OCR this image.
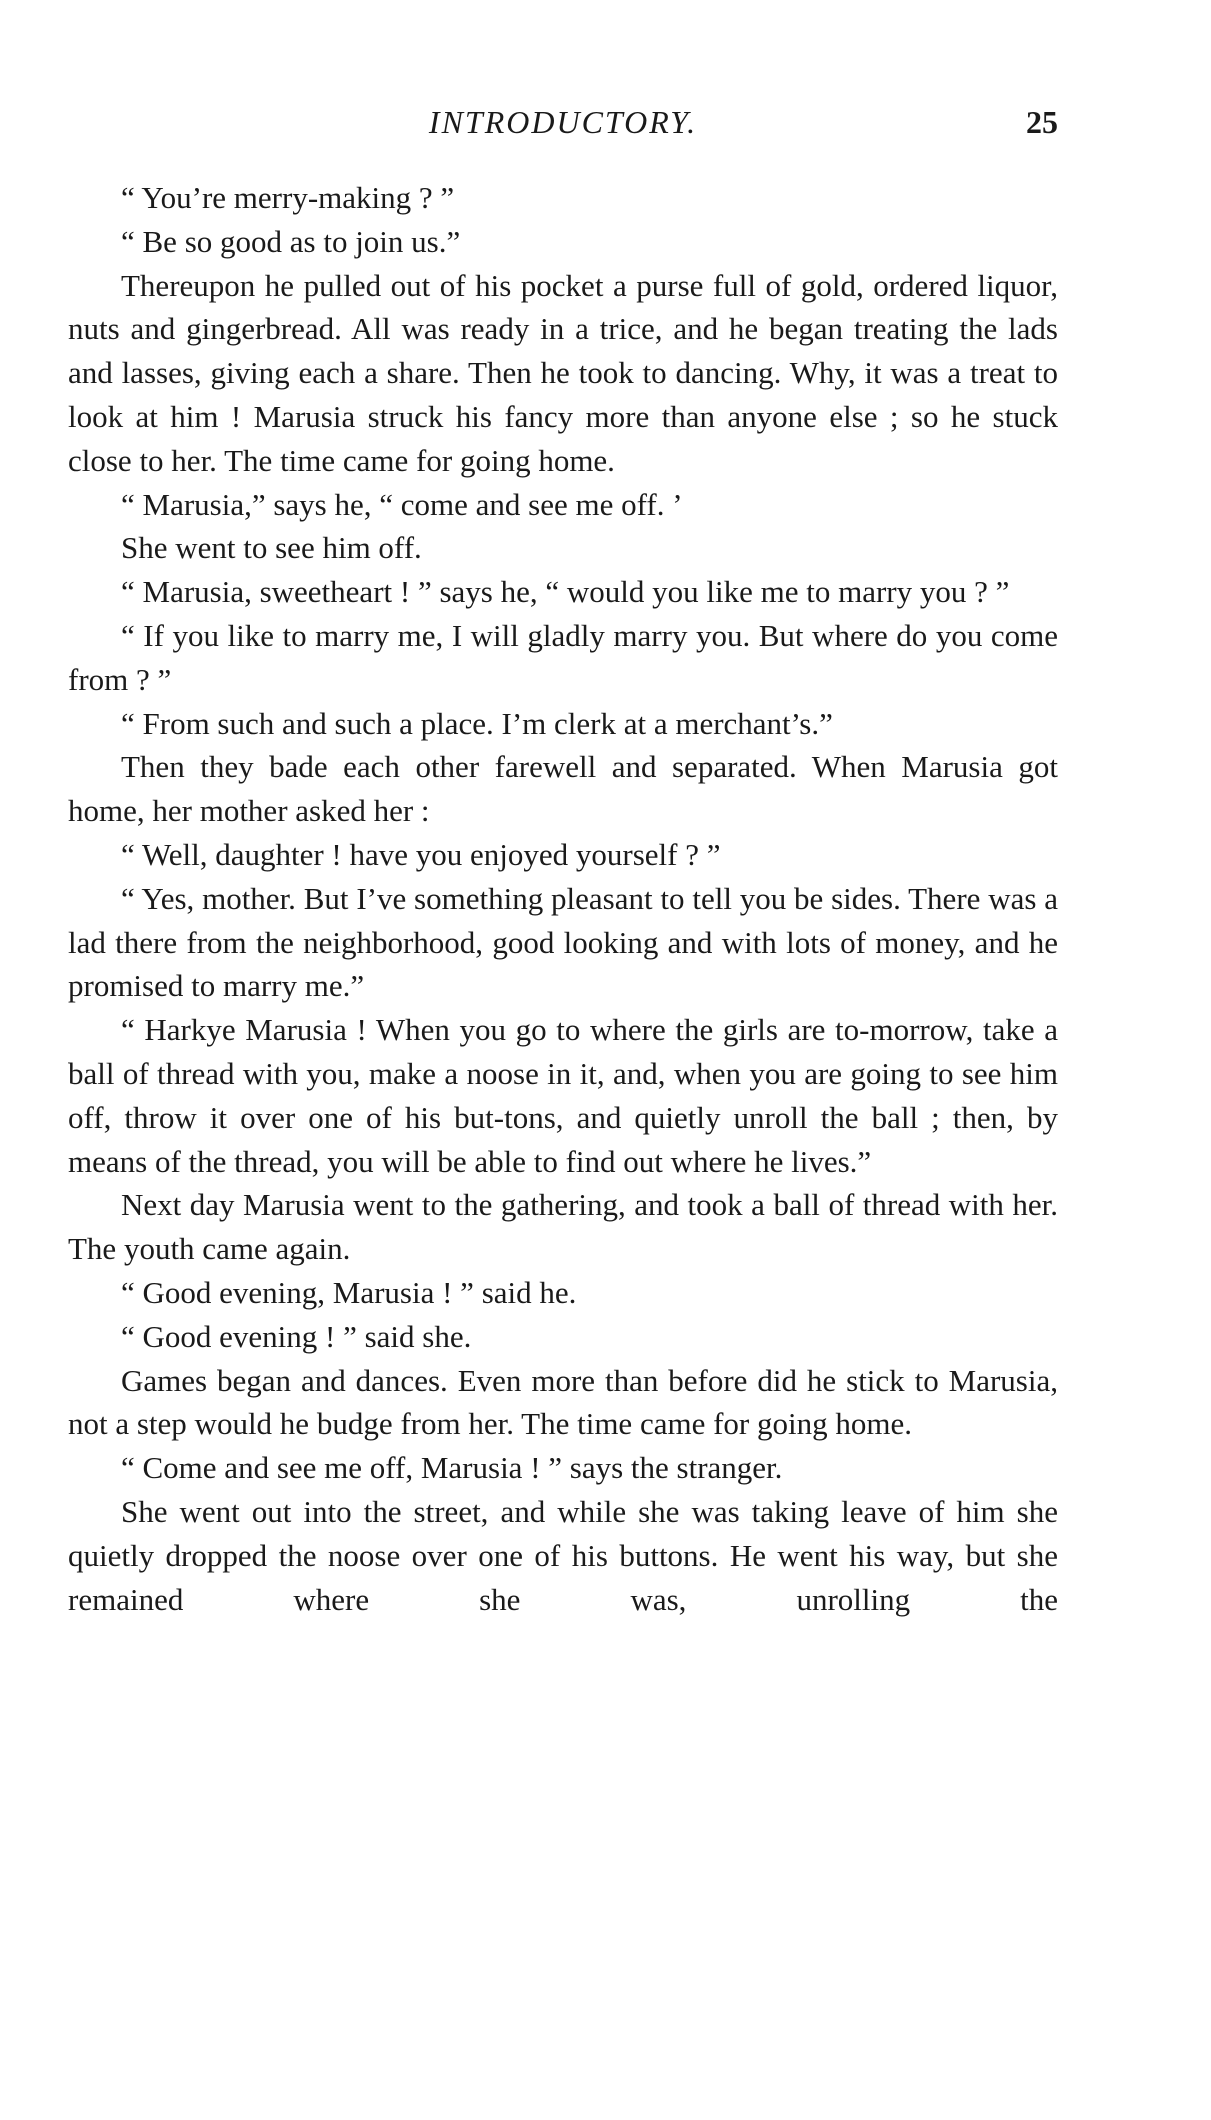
INTRODUCTORY.	25

“ You’re merry-making ? ”

“ Be so good as to join us.”

Thereupon he pulled out of his pocket a purse full of gold, ordered liquor, nuts and gingerbread. All was ready in a trice, and he began treating the lads and lasses, giving each a share. Then he took to dancing. Why, it was a treat to look at him ! Marusia struck his fancy more than anyone else ; so he stuck close to her. The time came for going home.

“ Marusia,” says he, “ come and see me off. ’

She went to see him off.

“ Marusia, sweetheart ! ” says he, “ would you like me to marry you ? ”

“ If you like to marry me, I will gladly marry you. But where do you come from ? ”

“ From such and such a place. I’m clerk at a merchant’s.”

Then they bade each other farewell and separated. When Marusia got home, her mother asked her :

“ Well, daughter ! have you enjoyed yourself ? ”

“ Yes, mother. But I’ve something pleasant to tell you be sides. There was a lad there from the neighborhood, good looking and with lots of money, and he promised to marry me.”

“ Harkye Marusia ! When you go to where the girls are to-morrow, take a ball of thread with you, make a noose in it, and, when you are going to see him off, throw it over one of his but-tons, and quietly unroll the ball ; then, by means of the thread, you will be able to find out where he lives.”

Next day Marusia went to the gathering, and took a ball of thread with her. The youth came again.

“ Good evening, Marusia ! ” said he.

“ Good evening ! ” said she.

Games began and dances. Even more than before did he stick to Marusia, not a step would he budge from her. The time came for going home.

“ Come and see me off, Marusia ! ” says the stranger.

She went out into the street, and while she was taking leave of him she quietly dropped the noose over one of his buttons. He went his way, but she remained where she was, unrolling the
